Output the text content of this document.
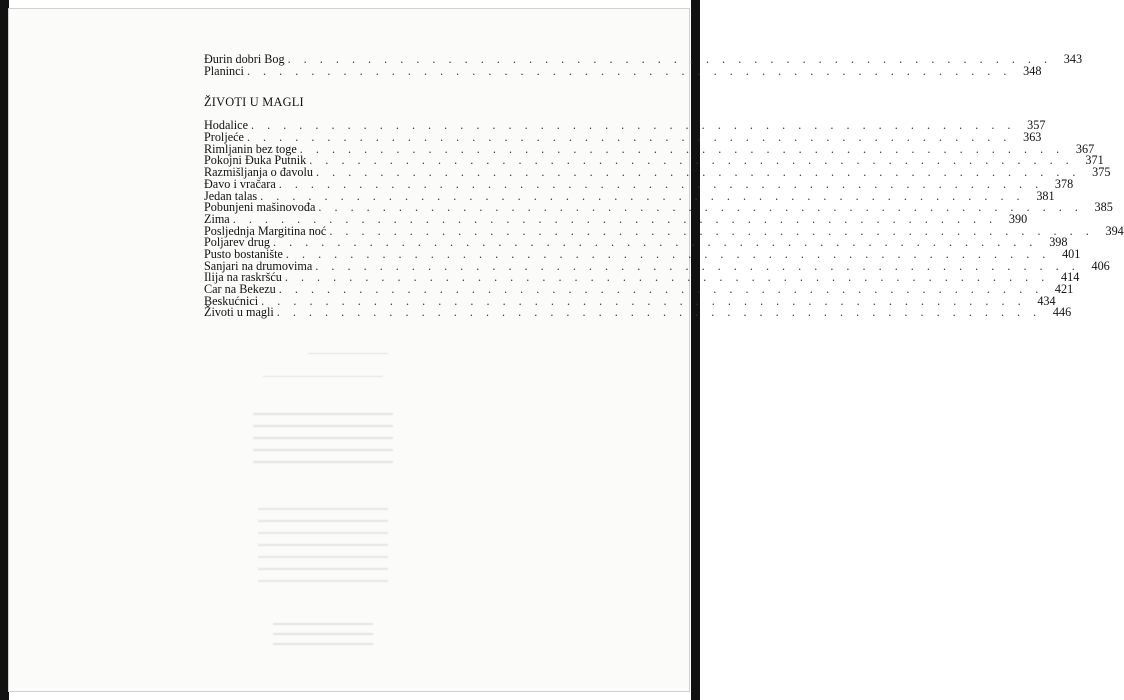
Đurin dobri Bog . . . . . . . . . . . . . . . . . . . . . . . . . . . . . . . . . . . . . . . . . . . . . . . . 343
Planinci . . . . . . . . . . . . . . . . . . . . . . . . . . . . . . . . . . . . . . . . . . . . . . . . 348
ŽIVOTI U MAGLI
Hodalice . . . . . . . . . . . . . . . . . . . . . . . . . . . . . . . . . . . . . . . . . . . . . . . . 357
Proljeće . . . . . . . . . . . . . . . . . . . . . . . . . . . . . . . . . . . . . . . . . . . . . . . . 363
Rimljanin bez toge . . . . . . . . . . . . . . . . . . . . . . . . . . . . . . . . . . . . . . . . . . . . . . . . 367
Pokojni Đuka Putnik . . . . . . . . . . . . . . . . . . . . . . . . . . . . . . . . . . . . . . . . . . . . . . . . 371
Razmišljanja o đavolu . . . . . . . . . . . . . . . . . . . . . . . . . . . . . . . . . . . . . . . . . . . . . . . . 375
Đavo i vračara . . . . . . . . . . . . . . . . . . . . . . . . . . . . . . . . . . . . . . . . . . . . . . . . 378
Jedan talas . . . . . . . . . . . . . . . . . . . . . . . . . . . . . . . . . . . . . . . . . . . . . . . . 381
Pobunjeni mašinovođa . . . . . . . . . . . . . . . . . . . . . . . . . . . . . . . . . . . . . . . . . . . . . . . . 385
Zima . . . . . . . . . . . . . . . . . . . . . . . . . . . . . . . . . . . . . . . . . . . . . . . . 390
Posljednja Margitina noć . . . . . . . . . . . . . . . . . . . . . . . . . . . . . . . . . . . . . . . . . . . . . . . . 394
Poljarev drug . . . . . . . . . . . . . . . . . . . . . . . . . . . . . . . . . . . . . . . . . . . . . . . . 398
Pusto bostanište . . . . . . . . . . . . . . . . . . . . . . . . . . . . . . . . . . . . . . . . . . . . . . . . 401
Sanjari na drumovima . . . . . . . . . . . . . . . . . . . . . . . . . . . . . . . . . . . . . . . . . . . . . . . . 406
Ilija na raskršću . . . . . . . . . . . . . . . . . . . . . . . . . . . . . . . . . . . . . . . . . . . . . . . . 414
Car na Bekezu . . . . . . . . . . . . . . . . . . . . . . . . . . . . . . . . . . . . . . . . . . . . . . . . 421
Beskućnici . . . . . . . . . . . . . . . . . . . . . . . . . . . . . . . . . . . . . . . . . . . . . . . . 434
Životi u magli . . . . . . . . . . . . . . . . . . . . . . . . . . . . . . . . . . . . . . . . . . . . . . . . 446
